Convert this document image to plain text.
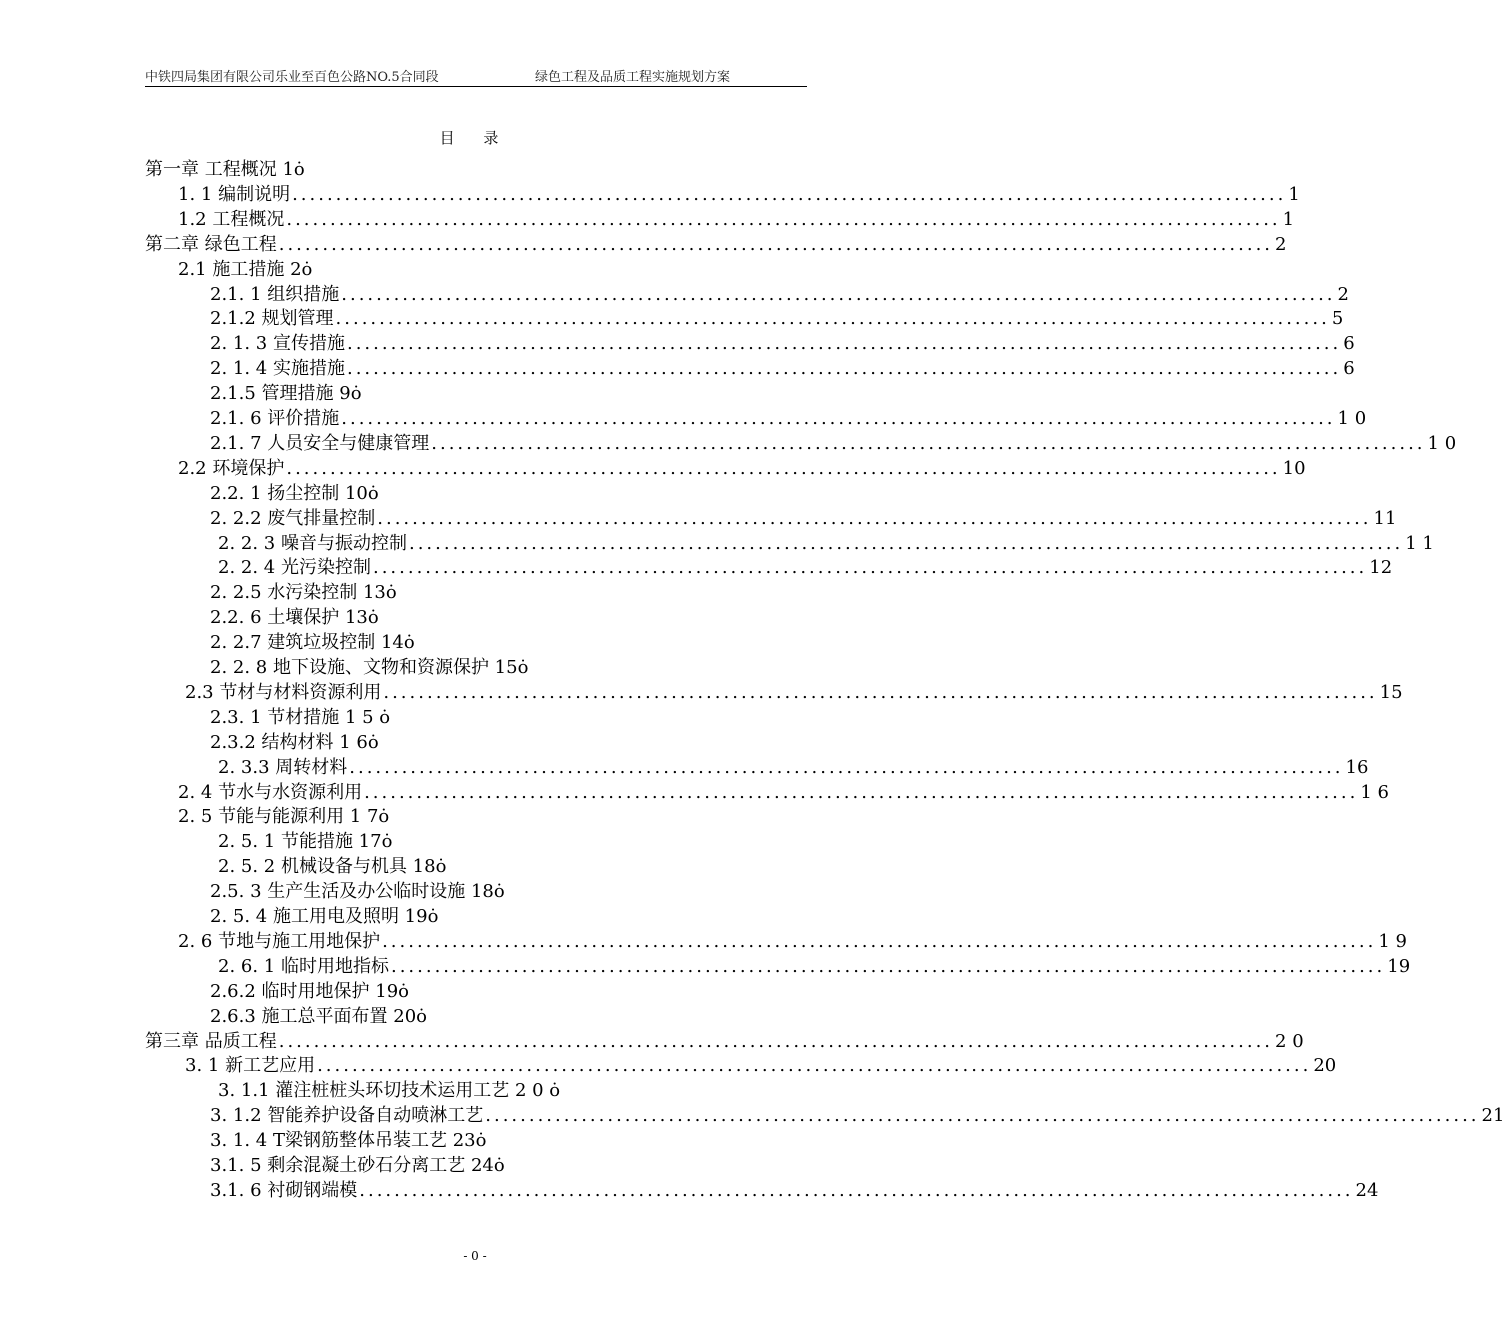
中铁四局集团有限公司乐业至百色公路NO.5合同段	绿色工程及品质工程实施规划方案
目 录
第一章 工程概况 1ȯ
1. 1 编制说明 .................................................................................................................. 1
1.2 工程概况 .................................................................................................................. 1
第二章 绿色工程 .................................................................................................................. 2
2.1 施工措施 2ȯ
2.1. 1 组织措施 .................................................................................................................. 2
2.1.2 规划管理 .................................................................................................................. 5
2. 1. 3 宣传措施 .................................................................................................................. 6
2. 1. 4 实施措施 .................................................................................................................. 6
2.1.5 管理措施 9ȯ
2.1. 6 评价措施 .................................................................................................................. 1 0
2.1. 7 人员安全与健康管理 .................................................................................................................. 1 0
2.2 环境保护 .................................................................................................................. 10
2.2. 1 扬尘控制 10ȯ
2. 2.2 废气排量控制 .................................................................................................................. 11
2. 2. 3 噪音与振动控制 .................................................................................................................. 1 1
2. 2. 4 光污染控制 .................................................................................................................. 12
2. 2.5 水污染控制 13ȯ
2.2. 6 土壤保护 13ȯ
2. 2.7 建筑垃圾控制 14ȯ
2. 2. 8 地下设施、文物和资源保护 15ȯ
2.3 节材与材料资源利用 .................................................................................................................. 15
2.3. 1 节材措施 1 5 ȯ
2.3.2 结构材料 1 6ȯ
2. 3.3 周转材料 .................................................................................................................. 16
2. 4 节水与水资源利用 .................................................................................................................. 1 6
2. 5 节能与能源利用 1 7ȯ
2. 5. 1 节能措施 17ȯ
2. 5. 2 机械设备与机具 18ȯ
2.5. 3 生产生活及办公临时设施 18ȯ
2. 5. 4 施工用电及照明 19ȯ
2. 6 节地与施工用地保护 .................................................................................................................. 1 9
2. 6. 1 临时用地指标 .................................................................................................................. 19
2.6.2 临时用地保护 19ȯ
2.6.3 施工总平面布置 20ȯ
第三章 品质工程 .................................................................................................................. 2 0
3. 1 新工艺应用 .................................................................................................................. 20
3. 1.1 灌注桩桩头环切技术运用工艺 2 0 ȯ
3. 1.2 智能养护设备自动喷淋工艺 .................................................................................................................. 21
3. 1. 4 T梁钢筋整体吊装工艺 23ȯ
3.1. 5 剩余混凝土砂石分离工艺 24ȯ
3.1. 6 衬砌钢端模 .................................................................................................................. 24
- 0 -
